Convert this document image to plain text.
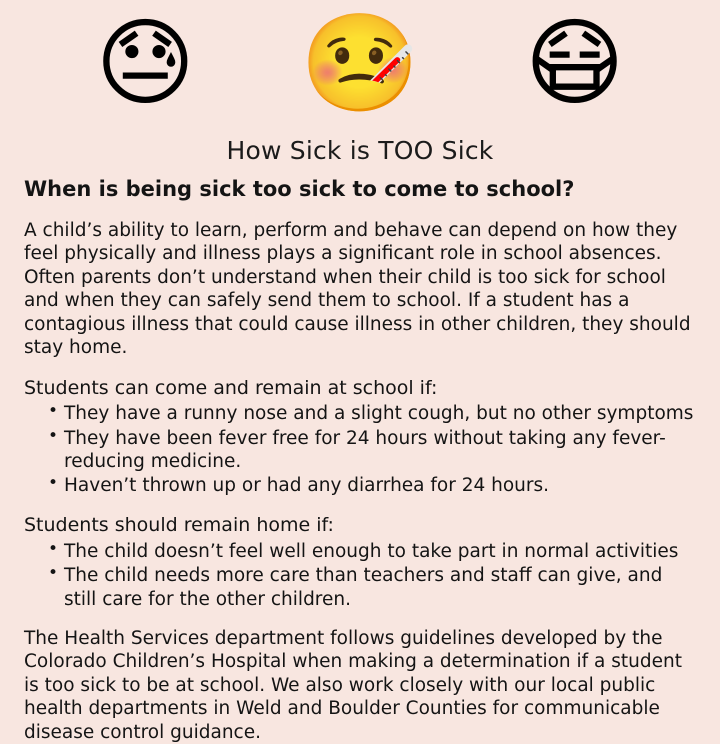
😓 🤒 😷
How Sick is TOO Sick

When is being sick too sick to come to school?

A child’s ability to learn, perform and behave can depend on how they feel physically and illness plays a significant role in school absences. Often parents don’t understand when their child is too sick for school and when they can safely send them to school. If a student has a contagious illness that could cause illness in other children, they should stay home.

Students can come and remain at school if:

• They have a runny nose and a slight cough, but no other symptoms
• They have been fever free for 24 hours without taking any fever-reducing medicine.
• Haven’t thrown up or had any diarrhea for 24 hours.

Students should remain home if:

• The child doesn’t feel well enough to take part in normal activities
• The child needs more care than teachers and staff can give, and still care for the other children.

The Health Services department follows guidelines developed by the Colorado Children’s Hospital when making a determination if a student is too sick to be at school. We also work closely with our local public health departments in Weld and Boulder Counties for communicable disease control guidance.
